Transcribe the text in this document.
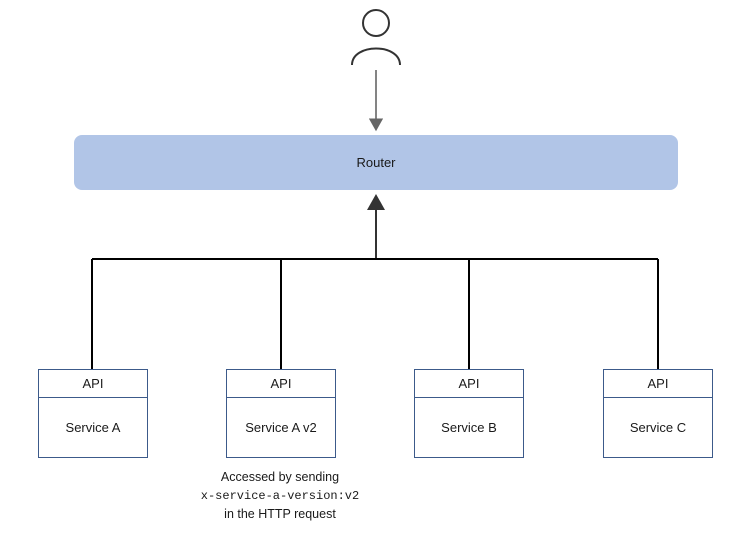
Router
API
Service A
API
Service A v2
API
Service B
API
Service C
Accessed by sending
x-service-a-version:v2
in the HTTP request
